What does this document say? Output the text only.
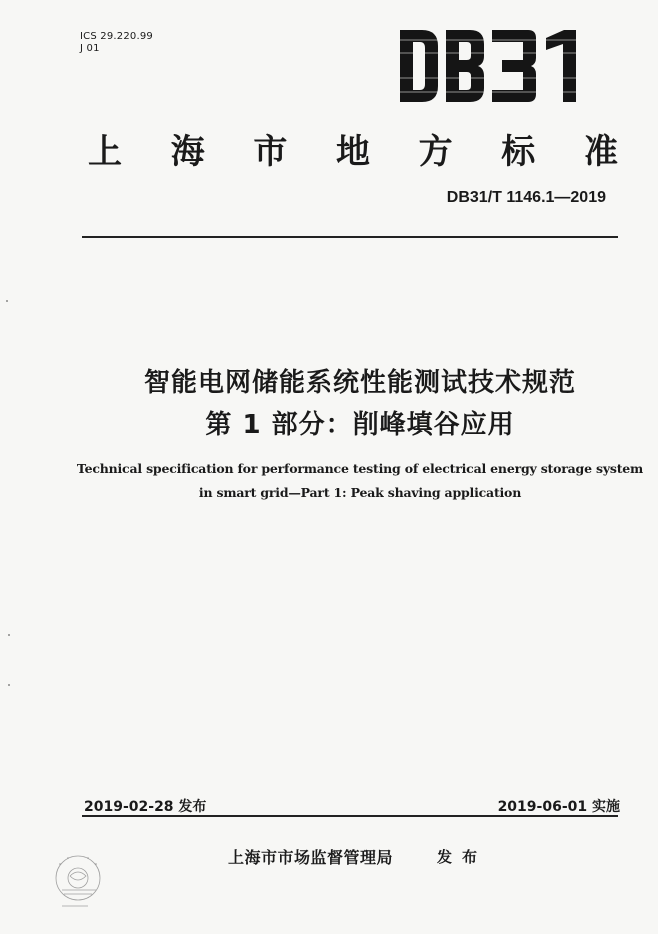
ICS 29.220.99
J 01
上 海 市 地 方 标 准
DB31/T 1146.1—2019
智能电网储能系统性能测试技术规范
第 1 部分：削峰填谷应用
Technical specification for performance testing of electrical energy storage system
in smart grid—Part 1: Peak shaving application
2019-02-28 发布	2019-06-01 实施
上海市市场监督管理局	发布
